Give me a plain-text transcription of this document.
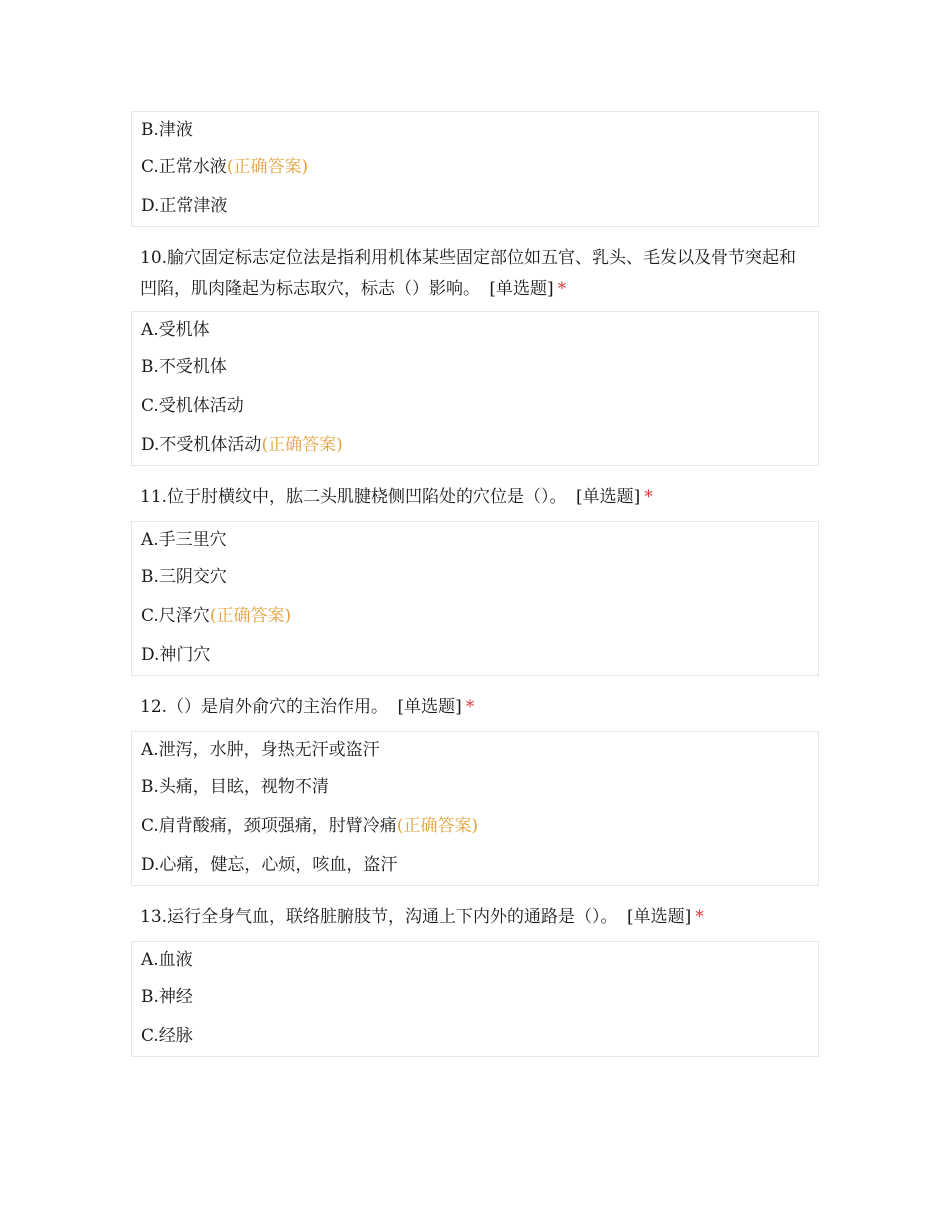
B.津液
C.正常水液(正确答案)
D.正常津液
10.腧穴固定标志定位法是指利用机体某些固定部位如五官、乳头、毛发以及骨节突起和凹陷，肌肉隆起为标志取穴，标志（）影响。 [单选题] *
A.受机体
B.不受机体
C.受机体活动
D.不受机体活动(正确答案)
11.位于肘横纹中，肱二头肌腱桡侧凹陷处的穴位是（）。 [单选题] *
A.手三里穴
B.三阴交穴
C.尺泽穴(正确答案)
D.神门穴
12.（）是肩外俞穴的主治作用。 [单选题] *
A.泄泻，水肿，身热无汗或盗汗
B.头痛，目眩，视物不清
C.肩背酸痛，颈项强痛，肘臂冷痛(正确答案)
D.心痛，健忘，心烦，咳血，盗汗
13.运行全身气血，联络脏腑肢节，沟通上下内外的通路是（）。 [单选题] *
A.血液
B.神经
C.经脉
